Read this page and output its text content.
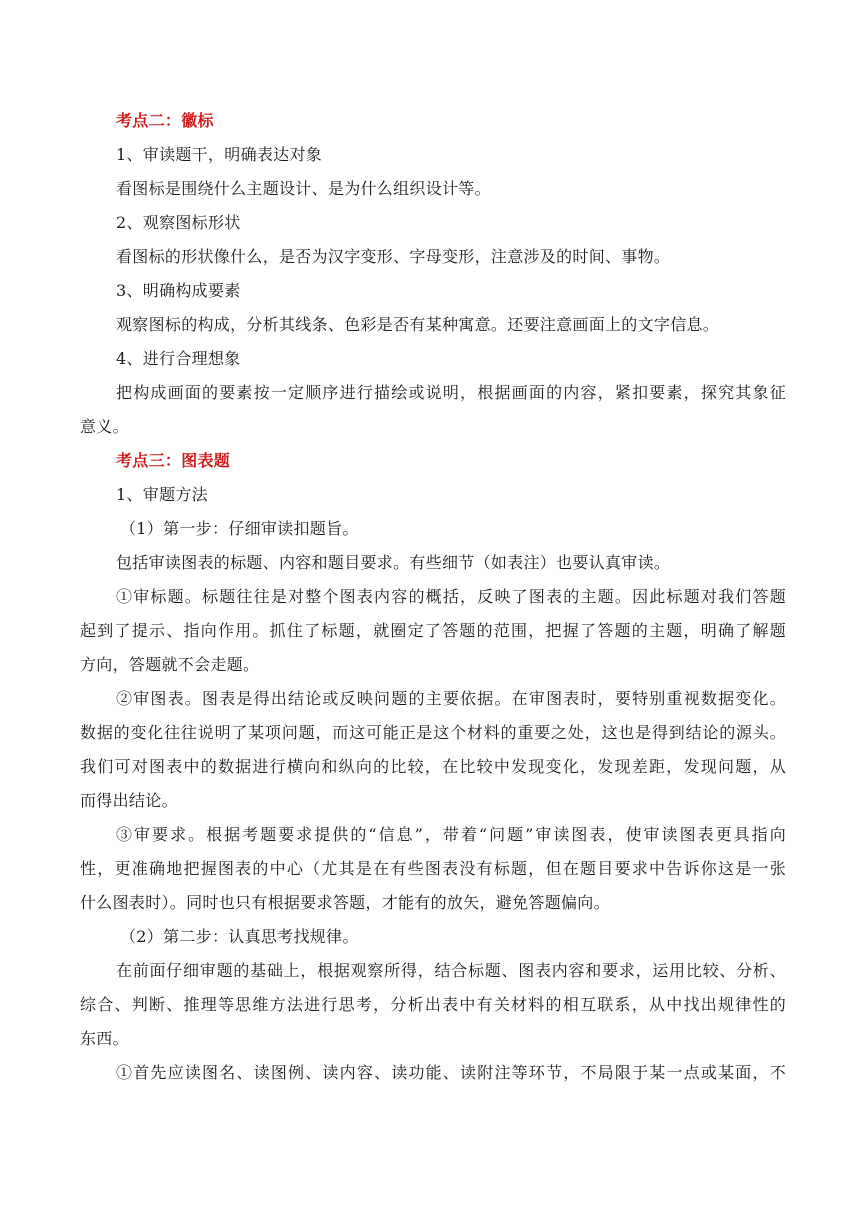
考点二：徽标
1、审读题干，明确表达对象
看图标是围绕什么主题设计、是为什么组织设计等。
2、观察图标形状
看图标的形状像什么，是否为汉字变形、字母变形，注意涉及的时间、事物。
3、明确构成要素
观察图标的构成，分析其线条、色彩是否有某种寓意。还要注意画面上的文字信息。
4、进行合理想象
把构成画面的要素按一定顺序进行描绘或说明，根据画面的内容，紧扣要素，探究其象征
意义。
考点三：图表题
1、审题方法
（1）第一步：仔细审读扣题旨。
包括审读图表的标题、内容和题目要求。有些细节（如表注）也要认真审读。
①审标题。标题往往是对整个图表内容的概括，反映了图表的主题。因此标题对我们答题
起到了提示、指向作用。抓住了标题，就圈定了答题的范围，把握了答题的主题，明确了解题
方向，答题就不会走题。
②审图表。图表是得出结论或反映问题的主要依据。在审图表时，要特别重视数据变化。
数据的变化往往说明了某项问题，而这可能正是这个材料的重要之处，这也是得到结论的源头。
我们可对图表中的数据进行横向和纵向的比较，在比较中发现变化，发现差距，发现问题，从
而得出结论。
③审要求。根据考题要求提供的“信息”，带着“问题”审读图表，使审读图表更具指向
性，更准确地把握图表的中心（尤其是在有些图表没有标题，但在题目要求中告诉你这是一张
什么图表时）。同时也只有根据要求答题，才能有的放矢，避免答题偏向。
（2）第二步：认真思考找规律。
在前面仔细审题的基础上，根据观察所得，结合标题、图表内容和要求，运用比较、分析、
综合、判断、推理等思维方法进行思考，分析出表中有关材料的相互联系，从中找出规律性的
东西。
①首先应读图名、读图例、读内容、读功能、读附注等环节，不局限于某一点或某面，不
